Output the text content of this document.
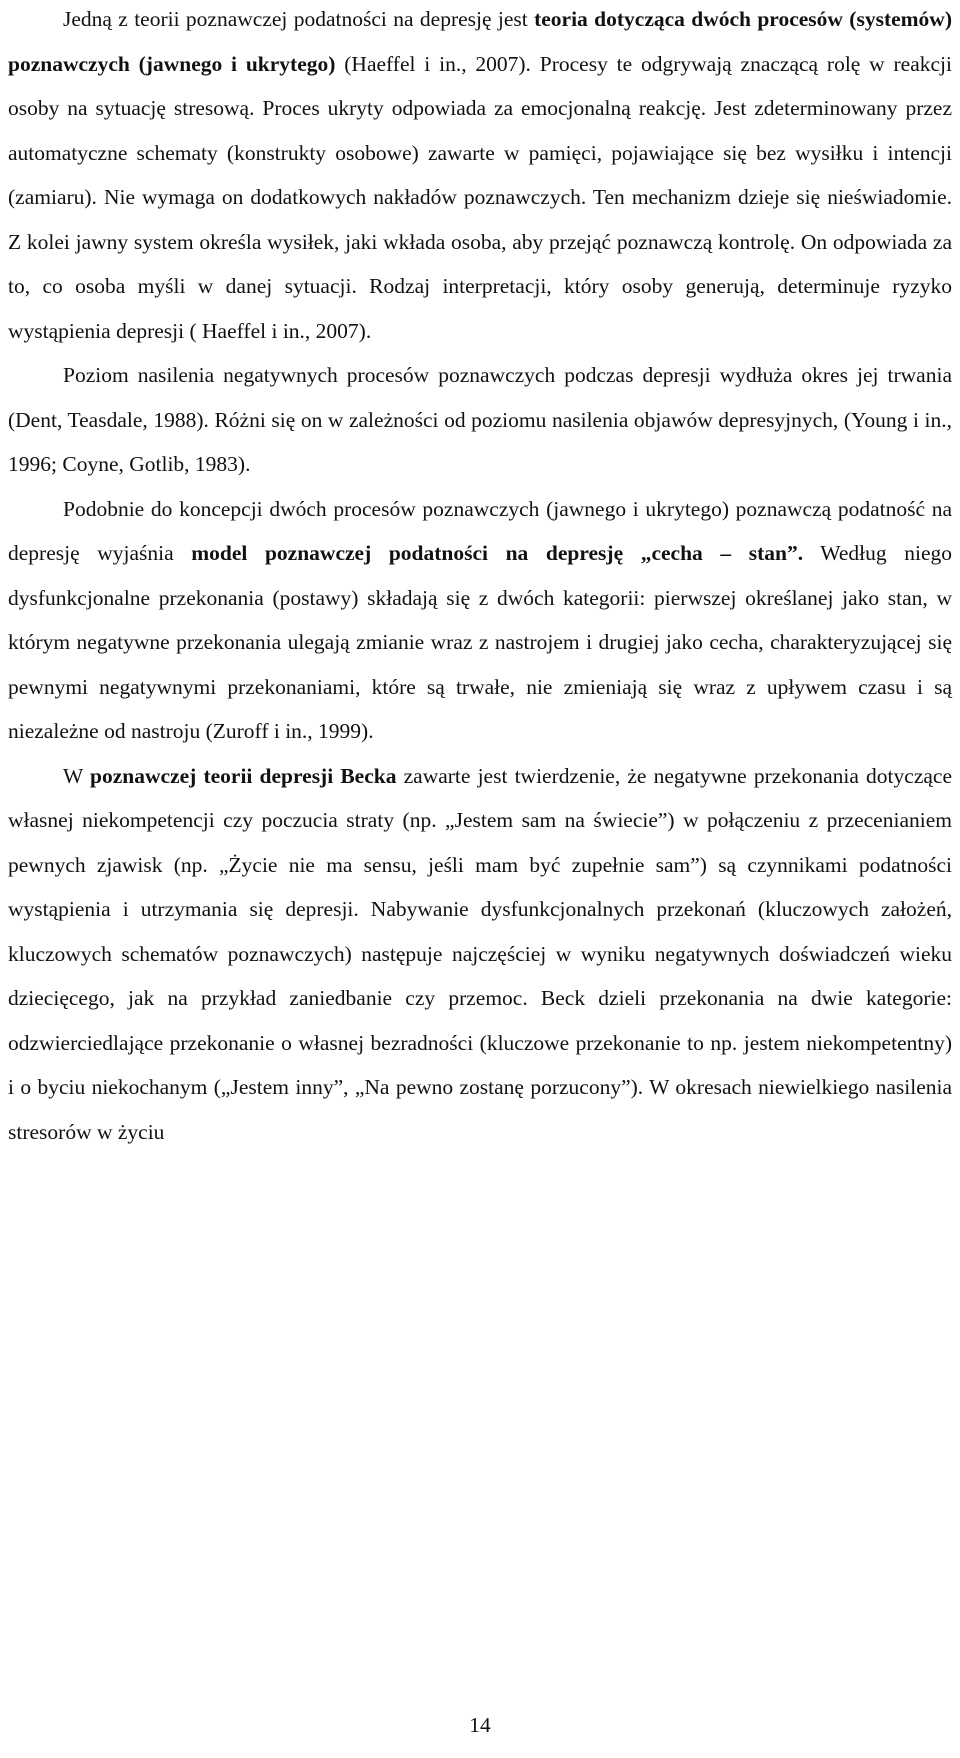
Jedną z teorii poznawczej podatności na depresję jest teoria dotycząca dwóch procesów (systemów) poznawczych (jawnego i ukrytego) (Haeffel i in., 2007). Procesy te odgrywają znaczącą rolę w reakcji osoby na sytuację stresową. Proces ukryty odpowiada za emocjonalną reakcję. Jest zdeterminowany przez automatyczne schematy (konstrukty osobowe) zawarte w pamięci, pojawiające się bez wysiłku i intencji (zamiaru). Nie wymaga on dodatkowych nakładów poznawczych. Ten mechanizm dzieje się nieświadomie. Z kolei jawny system określa wysiłek, jaki wkłada osoba, aby przejąć poznawczą kontrolę. On odpowiada za to, co osoba myśli w danej sytuacji. Rodzaj interpretacji, który osoby generują, determinuje ryzyko wystąpienia depresji ( Haeffel i in., 2007).

Poziom nasilenia negatywnych procesów poznawczych podczas depresji wydłuża okres jej trwania (Dent, Teasdale, 1988). Różni się on w zależności od poziomu nasilenia objawów depresyjnych, (Young i in., 1996; Coyne, Gotlib, 1983).

Podobnie do koncepcji dwóch procesów poznawczych (jawnego i ukrytego) poznawczą podatność na depresję wyjaśnia model poznawczej podatności na depresję „cecha – stan”. Według niego dysfunkcjonalne przekonania (postawy) składają się z dwóch kategorii: pierwszej określanej jako stan, w którym negatywne przekonania ulegają zmianie wraz z nastrojem i drugiej jako cecha, charakteryzującej się pewnymi negatywnymi przekonaniami, które są trwałe, nie zmieniają się wraz z upływem czasu i są niezależne od nastroju (Zuroff i in., 1999).

W poznawczej teorii depresji Becka zawarte jest twierdzenie, że negatywne przekonania dotyczące własnej niekompetencji czy poczucia straty (np. „Jestem sam na świecie”) w połączeniu z przecenianiem pewnych zjawisk (np. „Życie nie ma sensu, jeśli mam być zupełnie sam”) są czynnikami podatności wystąpienia i utrzymania się depresji. Nabywanie dysfunkcjonalnych przekonań (kluczowych założeń, kluczowych schematów poznawczych) następuje najczęściej w wyniku negatywnych doświadczeń wieku dziecięcego, jak na przykład zaniedbanie czy przemoc. Beck dzieli przekonania na dwie kategorie: odzwierciedlające przekonanie o własnej bezradności (kluczowe przekonanie to np. jestem niekompetentny) i o byciu niekochanym („Jestem inny”, „Na pewno zostanę porzucony”). W okresach niewielkiego nasilenia stresorów w życiu

14
